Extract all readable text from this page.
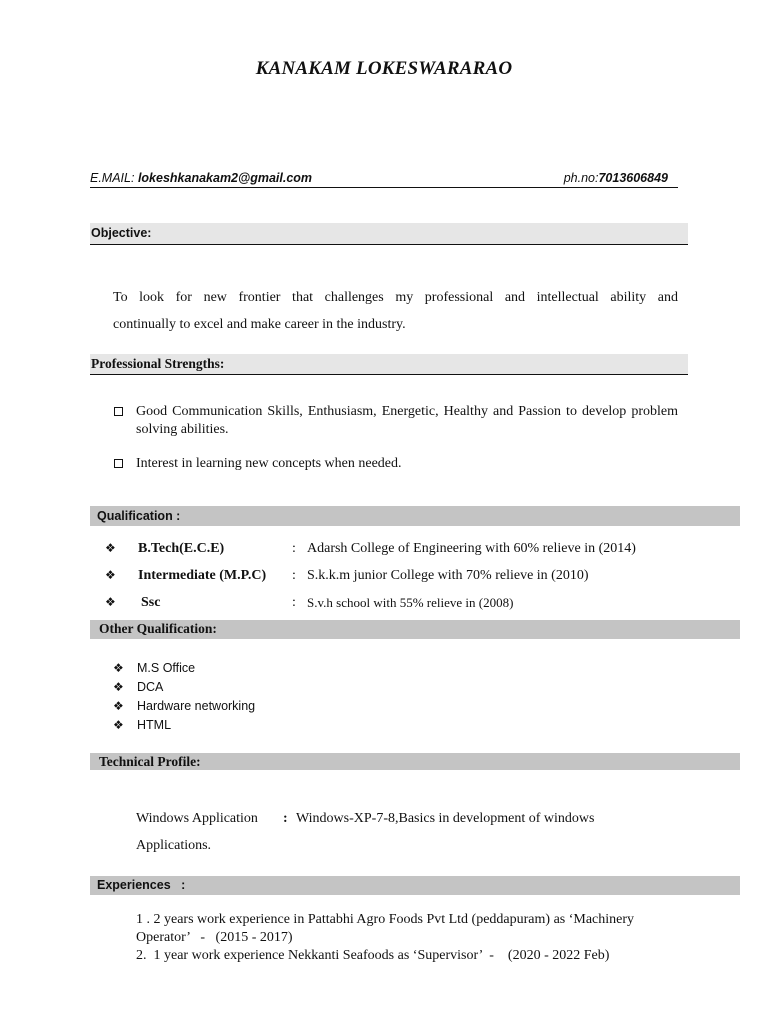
KANAKAM LOKESWARARAO
E.MAIL: lokeshkanakam2@gmail.com	ph.no:7013606849
Objective:
To look for new frontier that challenges my professional and intellectual ability and
continually to excel and make career in the industry.
Professional Strengths:
Good Communication Skills, Enthusiasm, Energetic, Healthy and Passion to develop problem solving abilities.
Interest in learning new concepts when needed.
Qualification :
❖ B.Tech(E.C.E)	: Adarsh College of Engineering with 60% relieve in (2014)
❖ Intermediate (M.P.C) : S.k.k.m junior College with 70% relieve in (2010)
❖ Ssc	: S.v.h school with 55% relieve in (2008)
Other Qualification:
❖ M.S Office
❖ DCA
❖ Hardware networking
❖ HTML
Technical Profile:
Windows Application : Windows-XP-7-8,Basics in development of windows
Applications.
Experiences   :
1 . 2 years work experience in Pattabhi Agro Foods Pvt Ltd (peddapuram) as ‘Machinery
Operator’   -   (2015 - 2017)
2.  1 year work experience Nekkanti Seafoods as ‘Supervisor’  -    (2020 - 2022 Feb)
